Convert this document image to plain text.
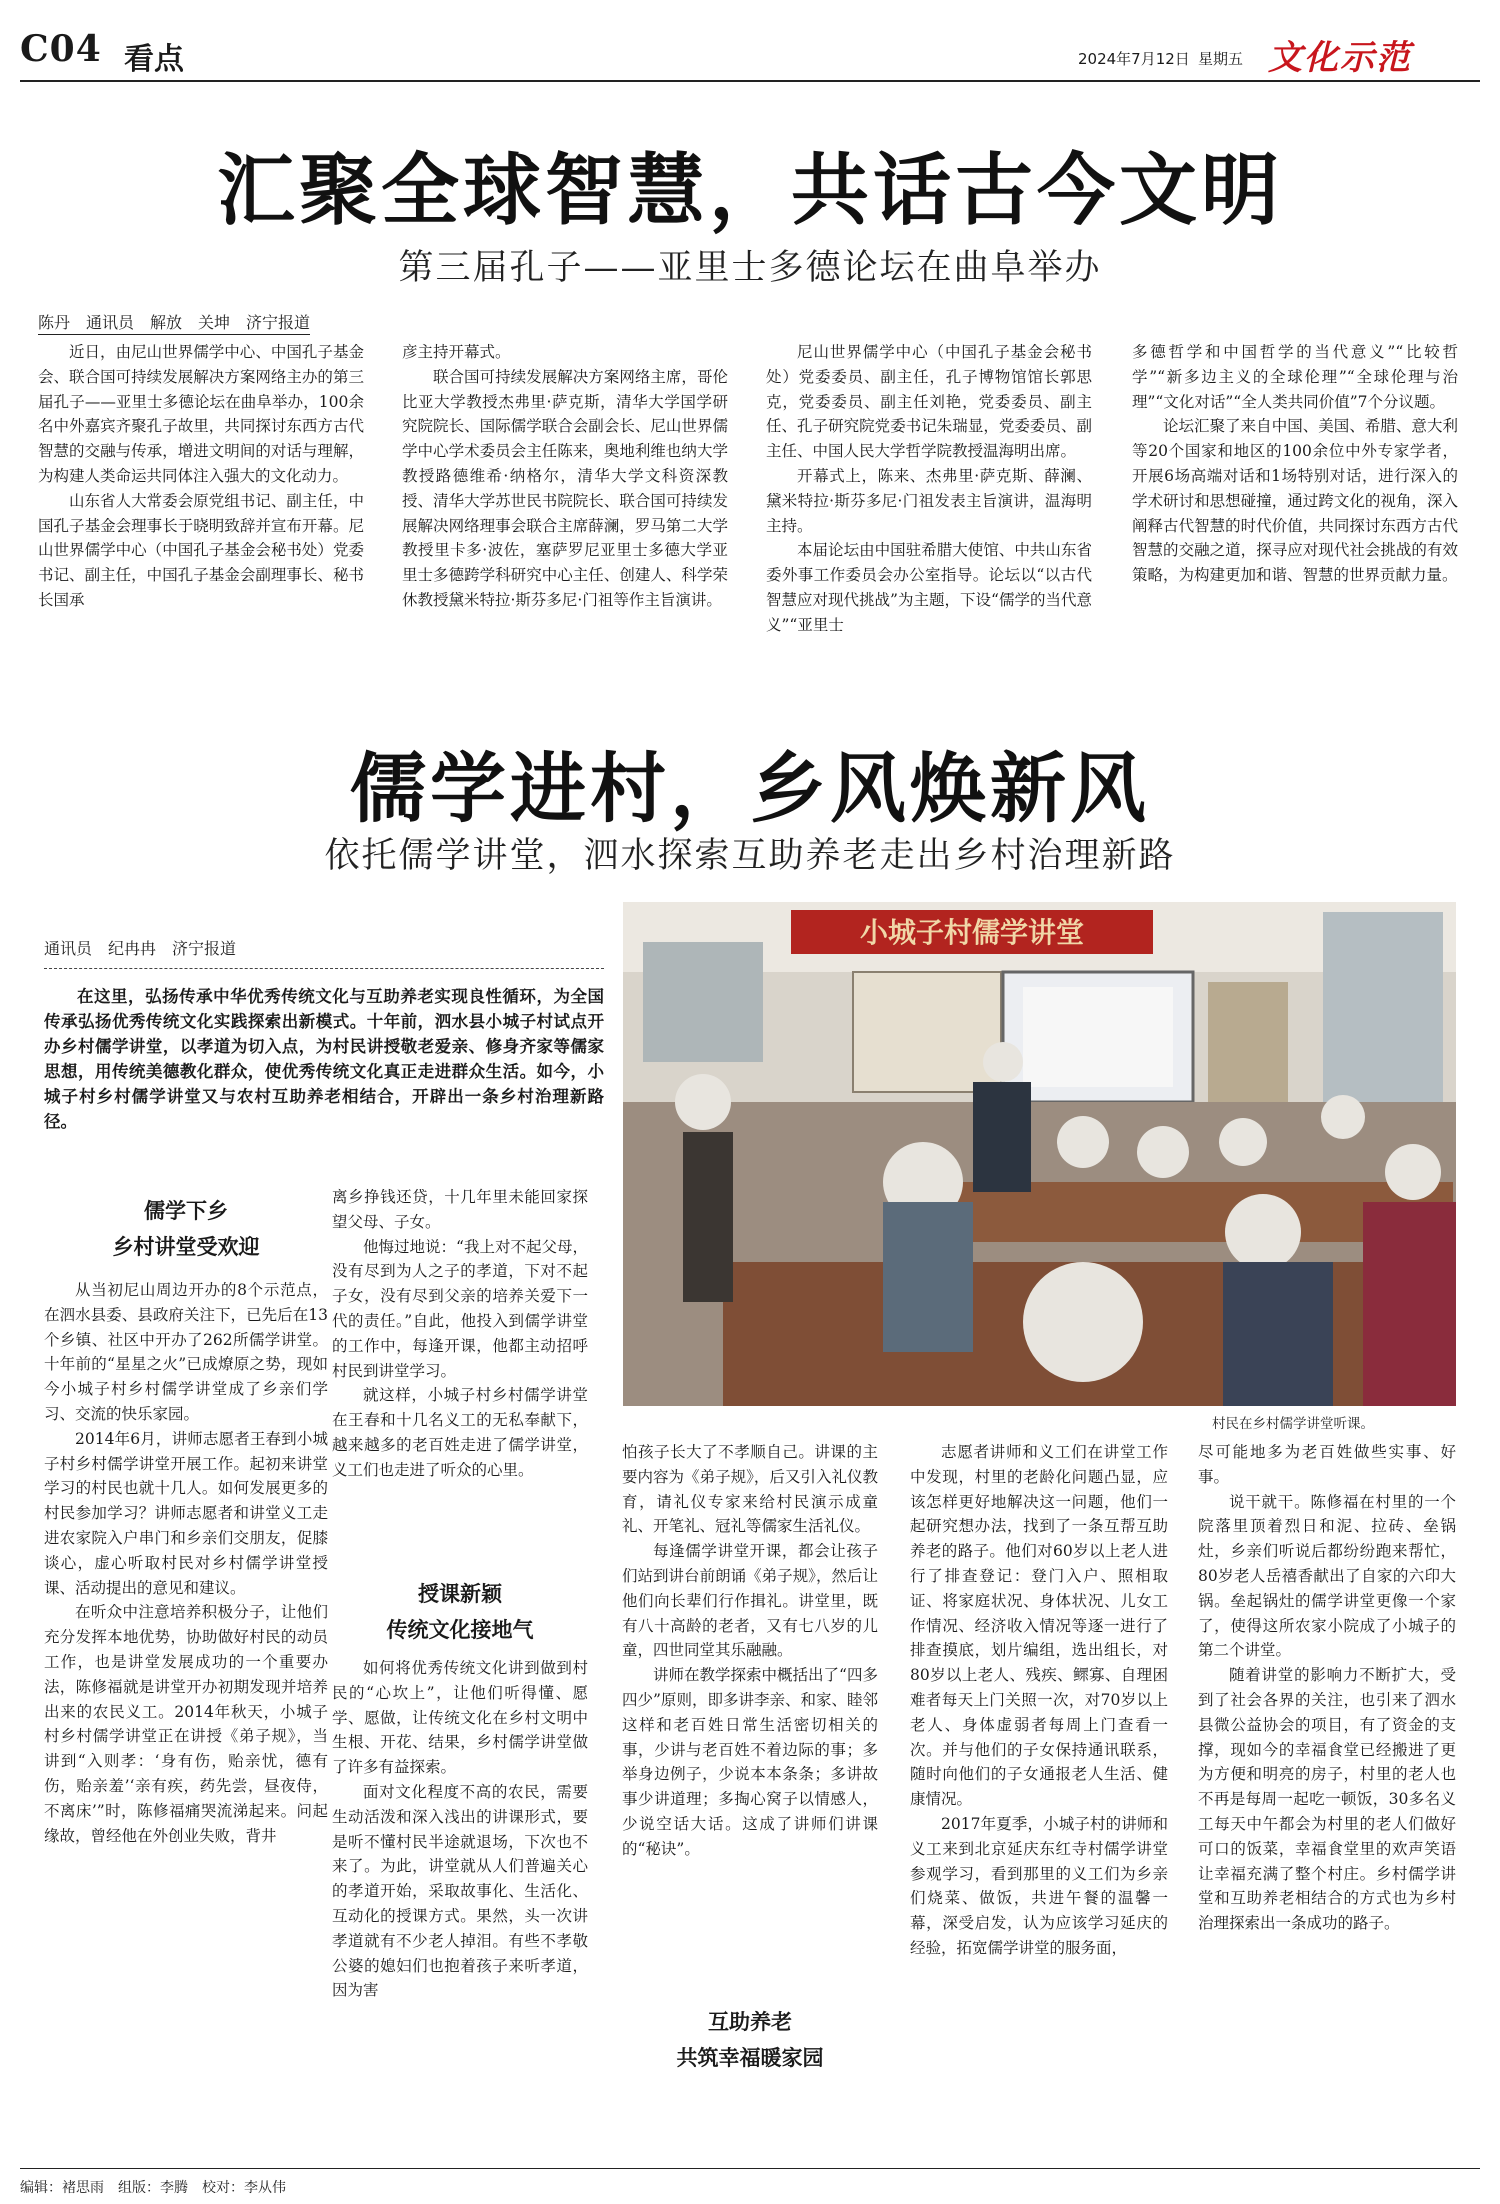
C04 看点	2024年7月12日 星期五 文化示范
汇聚全球智慧，共话古今文明
第三届孔子——亚里士多德论坛在曲阜举办
陈丹　通讯员　解放　关坤　济宁报道

近日，由尼山世界儒学中心、中国孔子基金会、联合国可持续发展解决方案网络主办的第三届孔子——亚里士多德论坛在曲阜举办，100余名中外嘉宾齐聚孔子故里，共同探讨东西方古代智慧的交融与传承，增进文明间的对话与理解，为构建人类命运共同体注入强大的文化动力。

山东省人大常委会原党组书记、副主任，中国孔子基金会理事长于晓明致辞并宣布开幕。尼山世界儒学中心（中国孔子基金会秘书处）党委书记、副主任，中国孔子基金会副理事长、秘书长国承

彦主持开幕式。

联合国可持续发展解决方案网络主席，哥伦比亚大学教授杰弗里·萨克斯，清华大学国学研究院院长、国际儒学联合会副会长、尼山世界儒学中心学术委员会主任陈来，奥地利维也纳大学教授路德维希·纳格尔，清华大学文科资深教授、清华大学苏世民书院院长、联合国可持续发展解决网络理事会联合主席薛澜，罗马第二大学教授里卡多·波佐，塞萨罗尼亚里士多德大学亚里士多德跨学科研究中心主任、创建人、科学荣休教授黛米特拉·斯芬多尼·门祖等作主旨演讲。

尼山世界儒学中心（中国孔子基金会秘书处）党委委员、副主任，孔子博物馆馆长郭思克，党委委员、副主任刘艳，党委委员、副主任、孔子研究院党委书记朱瑞显，党委委员、副主任、中国人民大学哲学院教授温海明出席。

开幕式上，陈来、杰弗里·萨克斯、薛澜、黛米特拉·斯芬多尼·门祖发表主旨演讲，温海明主持。

本届论坛由中国驻希腊大使馆、中共山东省委外事工作委员会办公室指导。论坛以“以古代智慧应对现代挑战”为主题，下设“儒学的当代意义”“亚里士

多德哲学和中国哲学的当代意义”“比较哲学”“新多边主义的全球伦理”“全球伦理与治理”“文化对话”“全人类共同价值”7个分议题。

论坛汇聚了来自中国、美国、希腊、意大利等20个国家和地区的100余位中外专家学者，开展6场高端对话和1场特别对话，进行深入的学术研讨和思想碰撞，通过跨文化的视角，深入阐释古代智慧的时代价值，共同探讨东西方古代智慧的交融之道，探寻应对现代社会挑战的有效策略，为构建更加和谐、智慧的世界贡献力量。

儒学进村，乡风焕新风
依托儒学讲堂，泗水探索互助养老走出乡村治理新路
通讯员　纪冉冉　济宁报道

在这里，弘扬传承中华优秀传统文化与互助养老实现良性循环，为全国传承弘扬优秀传统文化实践探索出新模式。十年前，泗水县小城子村试点开办乡村儒学讲堂，以孝道为切入点，为村民讲授敬老爱亲、修身齐家等儒家思想，用传统美德教化群众，使优秀传统文化真正走进群众生活。如今，小城子村乡村儒学讲堂又与农村互助养老相结合，开辟出一条乡村治理新路径。

小城子村儒学讲堂
村民在乡村儒学讲堂听课。
儒学下乡
乡村讲堂受欢迎

从当初尼山周边开办的8个示范点，在泗水县委、县政府关注下，已先后在13个乡镇、社区中开办了262所儒学讲堂。十年前的“星星之火”已成燎原之势，现如今小城子村乡村儒学讲堂成了乡亲们学习、交流的快乐家园。

2014年6月，讲师志愿者王春到小城子村乡村儒学讲堂开展工作。起初来讲堂学习的村民也就十几人。如何发展更多的村民参加学习？讲师志愿者和讲堂义工走进农家院入户串门和乡亲们交朋友，促膝谈心，虚心听取村民对乡村儒学讲堂授课、活动提出的意见和建议。

在听众中注意培养积极分子，让他们充分发挥本地优势，协助做好村民的动员工作，也是讲堂发展成功的一个重要办法，陈修福就是讲堂开办初期发现并培养出来的农民义工。2014年秋天，小城子村乡村儒学讲堂正在讲授《弟子规》，当讲到“入则孝：‘身有伤，贻亲忧，德有伤，贻亲羞’‘亲有疾，药先尝，昼夜侍，不离床’”时，陈修福痛哭流涕起来。问起缘故，曾经他在外创业失败，背井

离乡挣钱还贷，十几年里未能回家探望父母、子女。

他悔过地说：“我上对不起父母，没有尽到为人之子的孝道，下对不起子女，没有尽到父亲的培养关爱下一代的责任。”自此，他投入到儒学讲堂的工作中，每逢开课，他都主动招呼村民到讲堂学习。

就这样，小城子村乡村儒学讲堂在王春和十几名义工的无私奉献下，越来越多的老百姓走进了儒学讲堂，义工们也走进了听众的心里。

授课新颖
传统文化接地气

如何将优秀传统文化讲到做到村民的“心坎上”，让他们听得懂、愿学、愿做，让传统文化在乡村文明中生根、开花、结果，乡村儒学讲堂做了许多有益探索。

面对文化程度不高的农民，需要生动活泼和深入浅出的讲课形式，要是听不懂村民半途就退场，下次也不来了。为此，讲堂就从人们普遍关心的孝道开始，采取故事化、生活化、互动化的授课方式。果然，头一次讲孝道就有不少老人掉泪。有些不孝敬公婆的媳妇们也抱着孩子来听孝道，因为害

怕孩子长大了不孝顺自己。讲课的主要内容为《弟子规》，后又引入礼仪教育，请礼仪专家来给村民演示成童礼、开笔礼、冠礼等儒家生活礼仪。

每逢儒学讲堂开课，都会让孩子们站到讲台前朗诵《弟子规》，然后让他们向长辈们行作揖礼。讲堂里，既有八十高龄的老者，又有七八岁的儿童，四世同堂其乐融融。

讲师在教学探索中概括出了“四多四少”原则，即多讲李亲、和家、睦邻这样和老百姓日常生活密切相关的事，少讲与老百姓不着边际的事；多举身边例子，少说本本条条；多讲故事少讲道理；多掏心窝子以情感人，少说空话大话。这成了讲师们讲课的“秘诀”。

互助养老
共筑幸福暖家园

志愿者讲师和义工们在讲堂工作中发现，村里的老龄化问题凸显，应该怎样更好地解决这一问题，他们一起研究想办法，找到了一条互帮互助养老的路子。他们对60岁以上老人进行了排查登记：登门入户、照相取证、将家庭状况、身体状况、儿女工作情况、经济收入情况等逐一进行了排查摸底，划片编组，选出组长，对80岁以上老人、残疾、鳏寡、自理困难者每天上门关照一次，对70岁以上老人、身体虚弱者每周上门查看一次。并与他们的子女保持通讯联系，随时向他们的子女通报老人生活、健康情况。

2017年夏季，小城子村的讲师和义工来到北京延庆东红寺村儒学讲堂参观学习，看到那里的义工们为乡亲们烧菜、做饭，共进午餐的温馨一幕，深受启发，认为应该学习延庆的经验，拓宽儒学讲堂的服务面，

尽可能地多为老百姓做些实事、好事。

说干就干。陈修福在村里的一个院落里顶着烈日和泥、拉砖、垒锅灶，乡亲们听说后都纷纷跑来帮忙，80岁老人岳禧香献出了自家的六印大锅。垒起锅灶的儒学讲堂更像一个家了，使得这所农家小院成了小城子的第二个讲堂。

随着讲堂的影响力不断扩大，受到了社会各界的关注，也引来了泗水县微公益协会的项目，有了资金的支撑，现如今的幸福食堂已经搬进了更为方便和明亮的房子，村里的老人也不再是每周一起吃一顿饭，30多名义工每天中午都会为村里的老人们做好可口的饭菜，幸福食堂里的欢声笑语让幸福充满了整个村庄。乡村儒学讲堂和互助养老相结合的方式也为乡村治理探索出一条成功的路子。

编辑：褚思雨　组版：李腾　校对：李从伟
